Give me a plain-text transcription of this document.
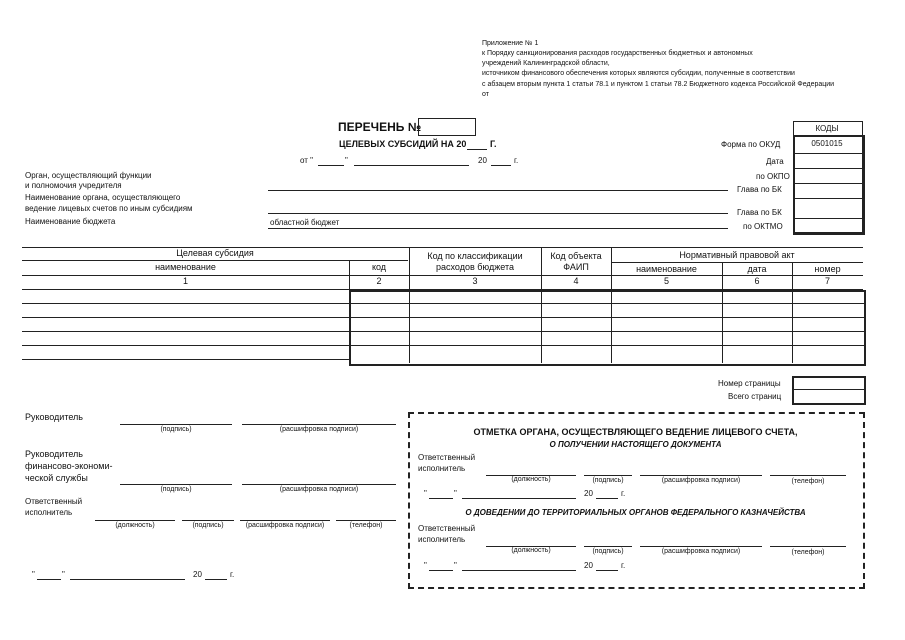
Приложение № 1
к Порядку санкционирования расходов государственных бюджетных и автономных
учреждений Калининградской области,
источником финансового обеспечения которых являются субсидии, полученные в соответствии
с абзацем вторым пункта 1 статьи 78.1 и пунктом 1 статьи 78.2 Бюджетного кодекса Российской Федерации
от
ПЕРЕЧЕНЬ №
ЦЕЛЕВЫХ СУБСИДИЙ НА 20	Г.
от "	"	20	г.
КОДЫ
0501015
Форма по ОКУД
Дата
по ОКПО
Глава по БК
Глава по БК
по ОКТМО
Орган, осуществляющий функции
и полномочия учредителя
Наименование органа, осуществляющего
ведение лицевых счетов по иным субсидиям
Наименование бюджета	областной бюджет
Целевая субсидия
наименование	код
Код по классификации расходов бюджета
Код объекта ФАИП
Нормативный правовой акт
наименование	дата	номер
1	2	3	4	5	6	7
Номер страницы
Всего страниц
Руководитель
(подпись)	(расшифровка подписи)
Руководитель
финансово-экономи-
ческой службы
(подпись)	(расшифровка подписи)
Ответственный
исполнитель
(должность)	(подпись)	(расшифровка подписи)	(телефон)
"	"	20	г.
ОТМЕТКА ОРГАНА, ОСУЩЕСТВЛЯЮЩЕГО ВЕДЕНИЕ ЛИЦЕВОГО СЧЕТА,
О ПОЛУЧЕНИИ НАСТОЯЩЕГО ДОКУМЕНТА
Ответственный
исполнитель
(должность)	(подпись)	(расшифровка подписи)	(телефон)
"	"	20	г.
О ДОВЕДЕНИИ ДО ТЕРРИТОРИАЛЬНЫХ ОРГАНОВ ФЕДЕРАЛЬНОГО КАЗНАЧЕЙСТВА
Ответственный
исполнитель
(должность)	(подпись)	(расшифровка подписи)	(телефон)
"	"	20	г.
